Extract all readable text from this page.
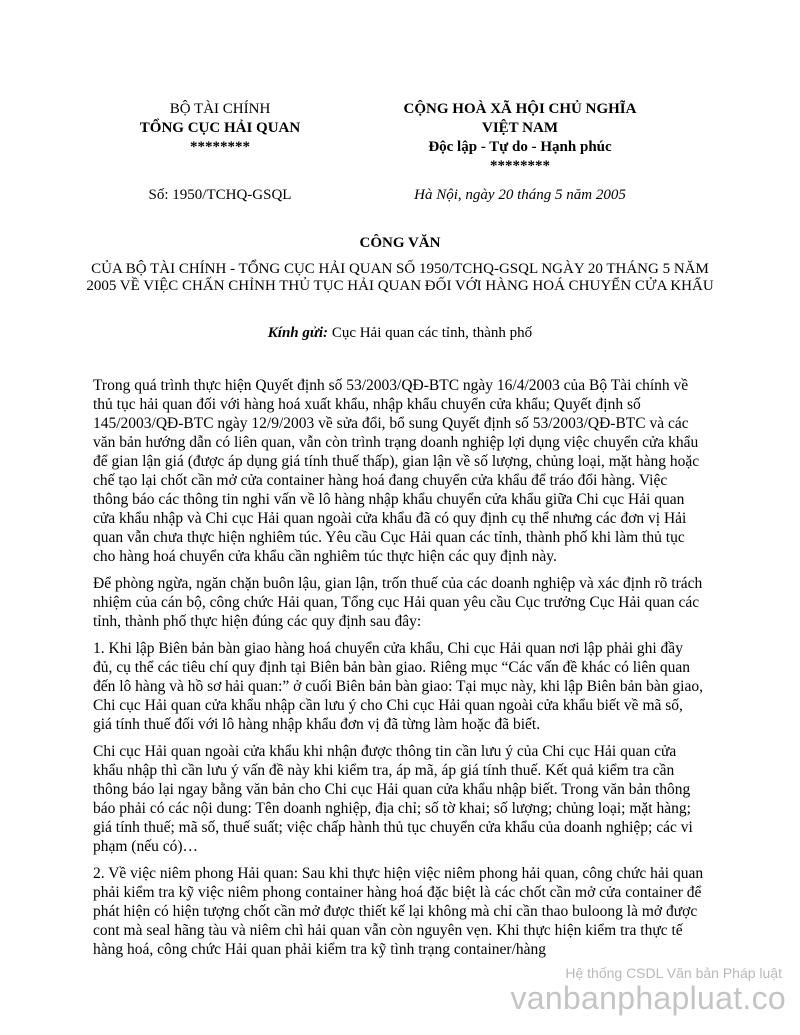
BỘ TÀI CHÍNH
TỔNG CỤC HẢI QUAN
********
CỘNG HOÀ XÃ HỘI CHỦ NGHĨA
VIỆT NAM
Độc lập - Tự do - Hạnh phúc
********
Số: 1950/TCHQ-GSQL	Hà Nội, ngày 20 tháng 5 năm 2005
CÔNG VĂN
CỦA BỘ TÀI CHÍNH - TỔNG CỤC HẢI QUAN SỐ 1950/TCHQ-GSQL NGÀY 20 THÁNG 5 NĂM 2005 VỀ VIỆC CHẤN CHỈNH THỦ TỤC HẢI QUAN ĐỐI VỚI HÀNG HOÁ CHUYỂN CỬA KHẨU
Kính gửi: Cục Hải quan các tỉnh, thành phố

Trong quá trình thực hiện Quyết định số 53/2003/QĐ-BTC ngày 16/4/2003 của Bộ Tài chính về thủ tục hải quan đối với hàng hoá xuất khẩu, nhập khẩu chuyển cửa khẩu; Quyết định số 145/2003/QĐ-BTC ngày 12/9/2003 về sửa đổi, bổ sung Quyết định số 53/2003/QĐ-BTC và các văn bản hướng dẫn có liên quan, vẫn còn trình trạng doanh nghiệp lợi dụng việc chuyển cửa khẩu để gian lận giá (được áp dụng giá tính thuế thấp), gian lận về số lượng, chủng loại, mặt hàng hoặc chế tạo lại chốt cần mở cửa container hàng hoá đang chuyển cửa khẩu để tráo đổi hàng. Việc thông báo các thông tin nghi vấn về lô hàng nhập khẩu chuyển cửa khẩu giữa Chi cục Hải quan cửa khẩu nhập và Chi cục Hải quan ngoài cửa khẩu đã có quy định cụ thể nhưng các đơn vị Hải quan vẫn chưa thực hiện nghiêm túc. Yêu cầu Cục Hải quan các tỉnh, thành phố khi làm thủ tục cho hàng hoá chuyển cửa khẩu cần nghiêm túc thực hiện các quy định này.

Để phòng ngừa, ngăn chặn buôn lậu, gian lận, trốn thuế của các doanh nghiệp và xác định rõ trách nhiệm của cán bộ, công chức Hải quan, Tổng cục Hải quan yêu cầu Cục trưởng Cục Hải quan các tỉnh, thành phố thực hiện đúng các quy định sau đây:

1. Khi lập Biên bản bàn giao hàng hoá chuyển cửa khẩu, Chi cục Hải quan nơi lập phải ghi đầy đủ, cụ thể các tiêu chí quy định tại Biên bản bàn giao. Riêng mục “Các vấn đề khác có liên quan đến lô hàng và hồ sơ hải quan:” ở cuối Biên bản bàn giao: Tại mục này, khi lập Biên bản bàn giao, Chi cục Hải quan cửa khẩu nhập cần lưu ý cho Chi cục Hải quan ngoài cửa khẩu biết về mã số, giá tính thuế đối với lô hàng nhập khẩu đơn vị đã từng làm hoặc đã biết.

Chi cục Hải quan ngoài cửa khẩu khi nhận được thông tin cần lưu ý của Chi cục Hải quan cửa khẩu nhập thì cần lưu ý vấn đề này khi kiểm tra, áp mã, áp giá tính thuế. Kết quả kiểm tra cần thông báo lại ngay bằng văn bản cho Chi cục Hải quan cửa khẩu nhập biết. Trong văn bản thông báo phải có các nội dung: Tên doanh nghiệp, địa chỉ; số tờ khai; số lượng; chủng loại; mặt hàng; giá tính thuế; mã số, thuế suất; việc chấp hành thủ tục chuyển cửa khẩu của doanh nghiệp; các vi phạm (nếu có)…

2. Về việc niêm phong Hải quan: Sau khi thực hiện việc niêm phong hải quan, công chức hải quan phải kiểm tra kỹ việc niêm phong container hàng hoá đặc biệt là các chốt cần mở cửa container để phát hiện có hiện tượng chốt cần mở được thiết kế lại không mà chỉ cần thao buloong là mở được cont mà seal hãng tàu và niêm chì hải quan vẫn còn nguyên vẹn. Khi thực hiện kiểm tra thực tế hàng hoá, công chức Hải quan phải kiểm tra kỹ tình trạng container/hàng

Hệ thống CSDL Văn bản Pháp luật
vanbanphapluat.co
